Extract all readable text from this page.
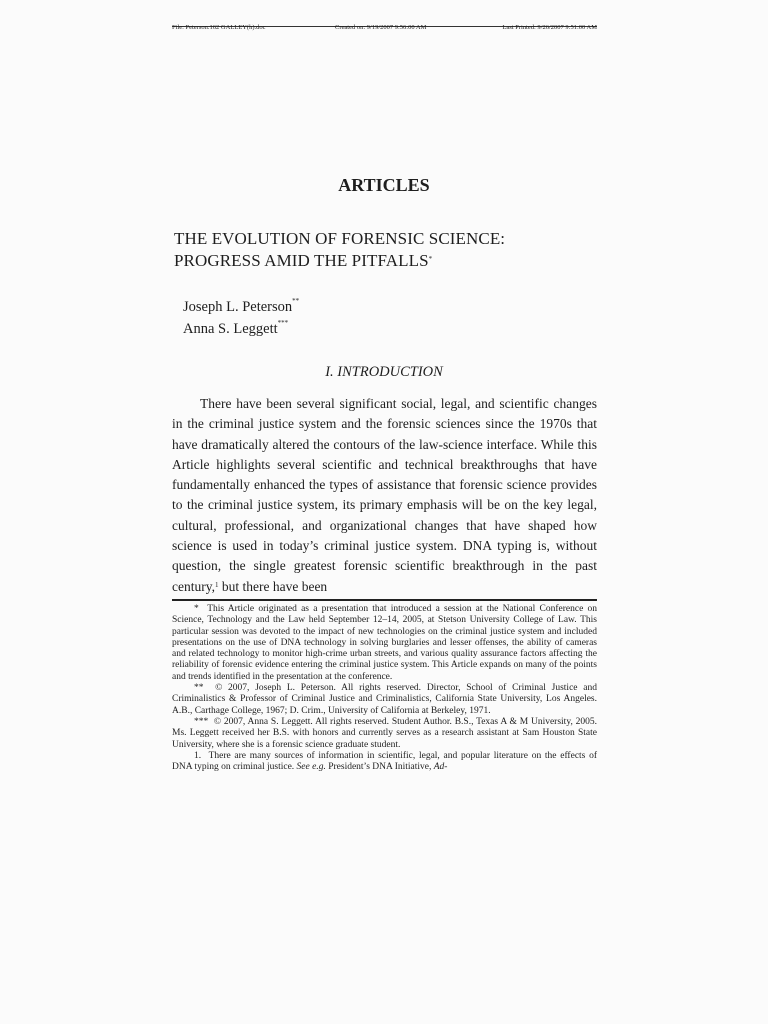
File: Peterson.162 GALLEY(h).doc	Created on: 9/19/2007 9:56:00 AM	Last Printed: 9/26/2007 9:51:00 AM
ARTICLES
THE EVOLUTION OF FORENSIC SCIENCE:
PROGRESS AMID THE PITFALLS*
Joseph L. Peterson**
Anna S. Leggett***
I. INTRODUCTION

There have been several significant social, legal, and scientific changes in the criminal justice system and the forensic sciences since the 1970s that have dramatically altered the contours of the law-science interface. While this Article highlights several scientific and technical breakthroughs that have fundamentally enhanced the types of assistance that forensic science provides to the criminal justice system, its primary emphasis will be on the key legal, cultural, professional, and organizational changes that have shaped how science is used in today’s criminal justice system. DNA typing is, without question, the single greatest forensic scientific breakthrough in the past century,$^1$ but there have been

* This Article originated as a presentation that introduced a session at the National Conference on Science, Technology and the Law held September 12–14, 2005, at Stetson University College of Law. This particular session was devoted to the impact of new technologies on the criminal justice system and included presentations on the use of DNA technology in solving burglaries and lesser offenses, the ability of cameras and related technology to monitor high-crime urban streets, and various quality assurance factors affecting the reliability of forensic evidence entering the criminal justice system. This Article expands on many of the points and trends identified in the presentation at the conference.

** © 2007, Joseph L. Peterson. All rights reserved. Director, School of Criminal Justice and Criminalistics & Professor of Criminal Justice and Criminalistics, California State University, Los Angeles. A.B., Carthage College, 1967; D. Crim., University of California at Berkeley, 1971.

*** © 2007, Anna S. Leggett. All rights reserved. Student Author. B.S., Texas A & M University, 2005. Ms. Leggett received her B.S. with honors and currently serves as a research assistant at Sam Houston State University, where she is a forensic science graduate student.

1. There are many sources of information in scientific, legal, and popular literature on the effects of DNA typing on criminal justice. See e.g. President’s DNA Initiative, Ad-
